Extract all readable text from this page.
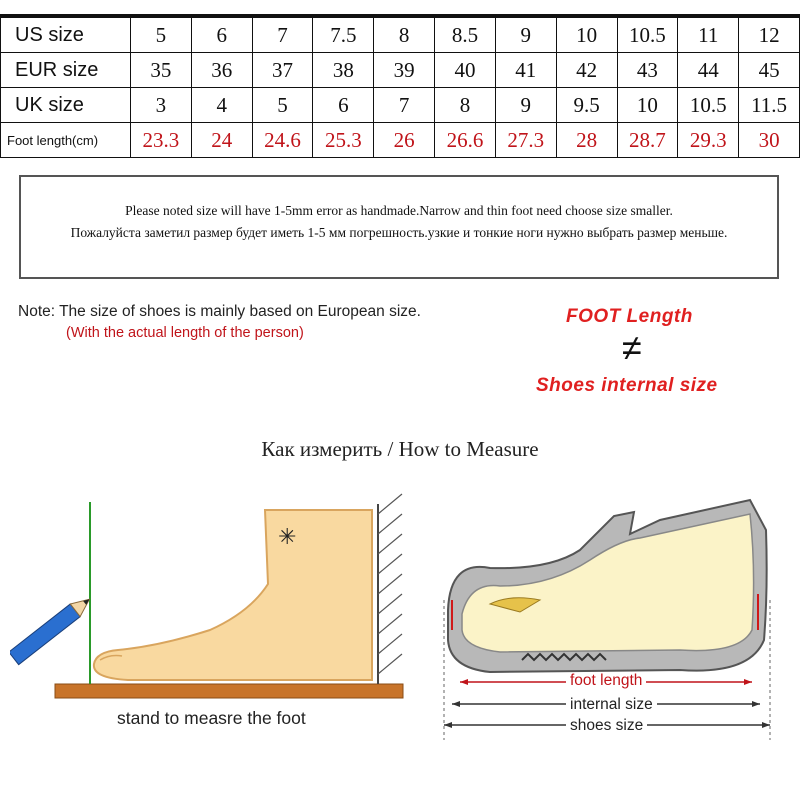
US size	5	6	7	7.5	8	8.5	9	10	10.5	11	12
EUR size	35	36	37	38	39	40	41	42	43	44	45
UK size	3	4	5	6	7	8	9	9.5	10	10.5	11.5
Foot length(cm)	23.3	24	24.6	25.3	26	26.6	27.3	28	28.7	29.3	30
Please noted size will have 1-5mm error as handmade.Narrow and thin foot need choose size smaller.
Пожалуйста заметил размер будет иметь 1-5 мм погрешность.узкие и тонкие ноги нужно выбрать размер меньше.
Note: The size of shoes is mainly based on European size.
(With the actual length of the person)
FOOT Length
≠
Shoes internal size
Как измерить / How to Measure
✳
stand to measre the foot
foot length
internal size
shoes size
